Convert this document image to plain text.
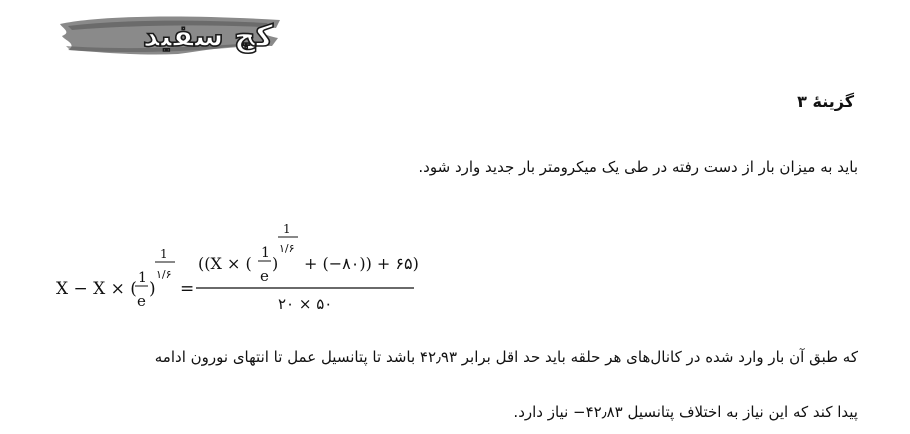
کچ سفید
گزینهٔ ۳
باید به میزان بار از دست رفته در طی یک میکرومتر بار جدید وارد شود.
X − X × (
1
e
)
1
۱/۶
=
((X × (
1
e
)
1
۱/۶
+ (−۸۰)) + ۶۵)
۲۰ × ۵۰
که طبق آن بار وارد شده در کانال‌های هر حلقه باید حد اقل برابر ۴۲٫۹۳ باشد تا پتانسیل عمل تا انتهای نورون ادامه
پیدا کند که این نیاز به اختلاف پتانسیل ۴۲٫۸۳− نیاز دارد.
